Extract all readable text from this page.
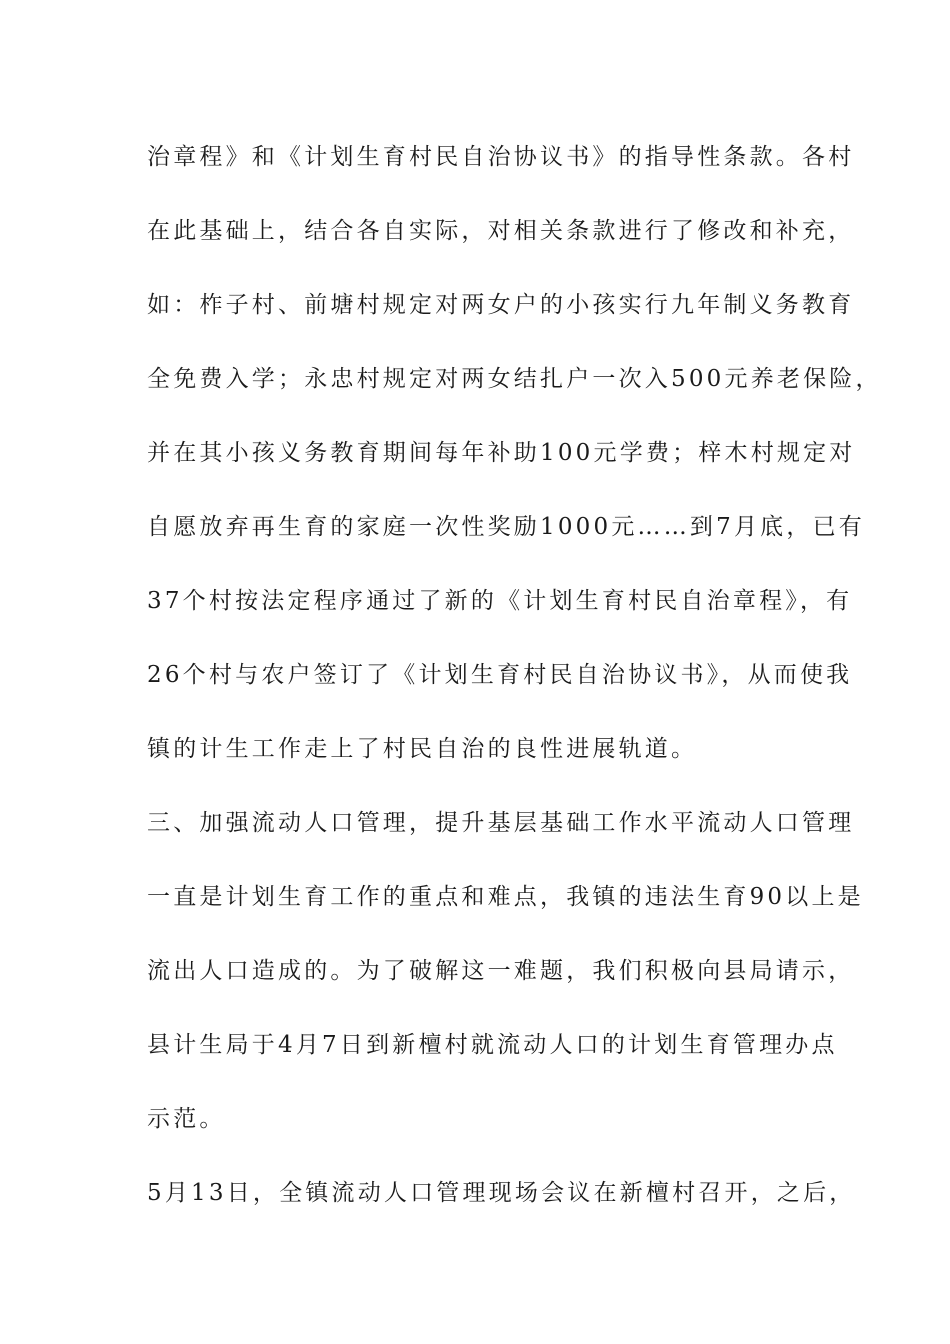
治章程》和《计划生育村民自治协议书》的指导性条款。各村
在此基础上，结合各自实际，对相关条款进行了修改和补充，
如：柞子村、前塘村规定对两女户的小孩实行九年制义务教育
全免费入学；永忠村规定对两女结扎户一次入500元养老保险，
并在其小孩义务教育期间每年补助100元学费；梓木村规定对
自愿放弃再生育的家庭一次性奖励1000元……到7月底，已有
37个村按法定程序通过了新的《计划生育村民自治章程》，有
26个村与农户签订了《计划生育村民自治协议书》，从而使我
镇的计生工作走上了村民自治的良性进展轨道。
三、加强流动人口管理，提升基层基础工作水平流动人口管理
一直是计划生育工作的重点和难点，我镇的违法生育90以上是
流出人口造成的。为了破解这一难题，我们积极向县局请示，
县计生局于4月7日到新檀村就流动人口的计划生育管理办点
示范。
5月13日，全镇流动人口管理现场会议在新檀村召开，之后，
